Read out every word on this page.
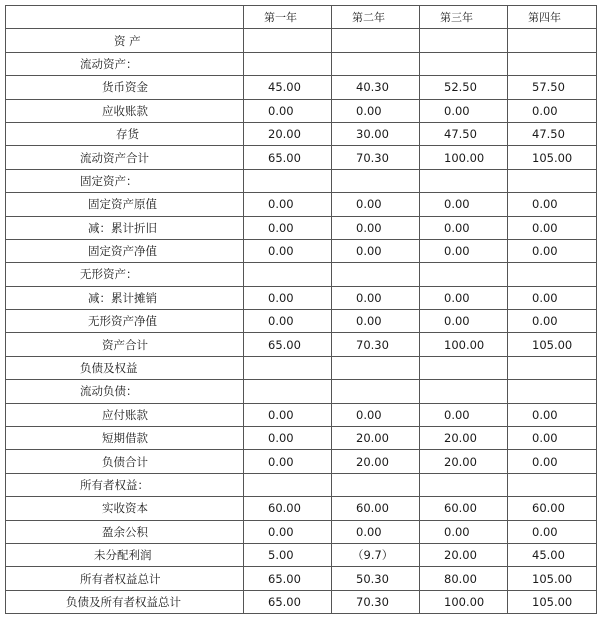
	第一年	第二年	第三年	第四年
资 产				
流动资产：				
货币资金	45.00	40.30	52.50	57.50
应收账款	0.00	0.00	0.00	0.00
存货	20.00	30.00	47.50	47.50
流动资产合计	65.00	70.30	100.00	105.00
固定资产：				
固定资产原值	0.00	0.00	0.00	0.00
减：累计折旧	0.00	0.00	0.00	0.00
固定资产净值	0.00	0.00	0.00	0.00
无形资产：				
减：累计摊销	0.00	0.00	0.00	0.00
无形资产净值	0.00	0.00	0.00	0.00
资产合计	65.00	70.30	100.00	105.00
负债及权益				
流动负债：				
应付账款	0.00	0.00	0.00	0.00
短期借款	0.00	20.00	20.00	0.00
负债合计	0.00	20.00	20.00	0.00
所有者权益：				
实收资本	60.00	60.00	60.00	60.00
盈余公积	0.00	0.00	0.00	0.00
未分配利润	5.00	（9.7）	20.00	45.00
所有者权益总计	65.00	50.30	80.00	105.00
负债及所有者权益总计	65.00	70.30	100.00	105.00
